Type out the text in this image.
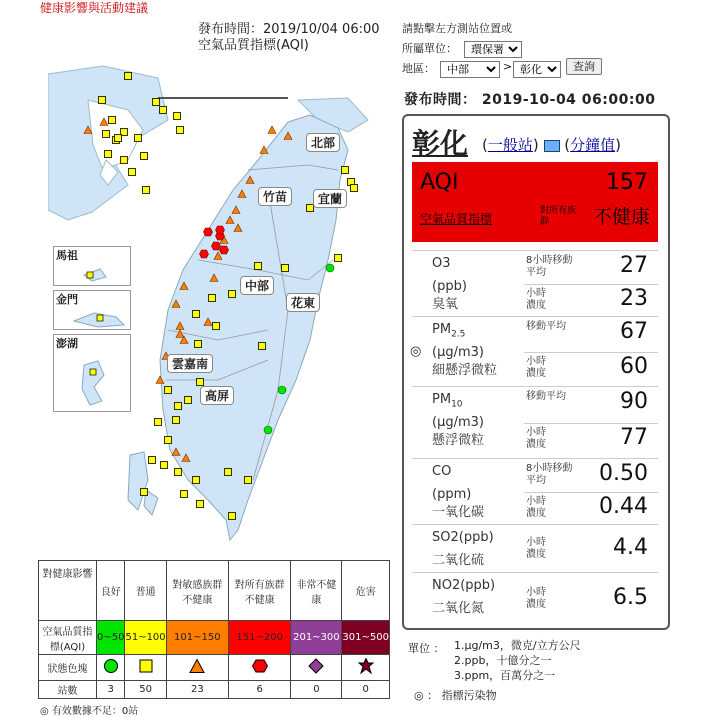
健康影響與活動建議
發布時間：2019/10/04 06:00
空氣品質指標(AQI)
請點擊左方測站位置或
所屬單位：
環保署
地區：
中部	>
彰化	查詢
發布時間： 2019-10-04 06:00:00
彰化 (一般站)  (分鐘值)
AQI	157
空氣品質指標
對所有族群	不健康
O3
(ppb)
臭氧
8小時移動平均	27
小時濃度	23
◎
$PM_{2.5}$
(μg/m3)
細懸浮微粒
移動平均	67
小時濃度	60
$PM_{10}$
(μg/m3)
懸浮微粒
移動平均	90
小時濃度	77
CO
(ppm)
一氧化碳
8小時移動平均	0.50
小時濃度	0.44
SO2(ppb)
二氧化硫
小時濃度	4.4
NO2(ppb)
二氧化氮
小時濃度	6.5
單位 ： 1.μg/m3，微克/立方公尺
2.ppb，十億分之一
3.ppm，百萬分之一
◎ ： 指標污染物
北部
竹苗	宜蘭
中部
花東
雲嘉南
高屏
馬祖
金門
澎湖
對健康影響	良好	普通	對敏感族群不健康	對所有族群不健康	非常不健康	危害
空氣品質指標(AQI)	0~50	51~100	101~150	151~200	201~300	301~500
狀態色塊						
站數	3	50	23	6	0	0
◎ 有效數據不足：0站
